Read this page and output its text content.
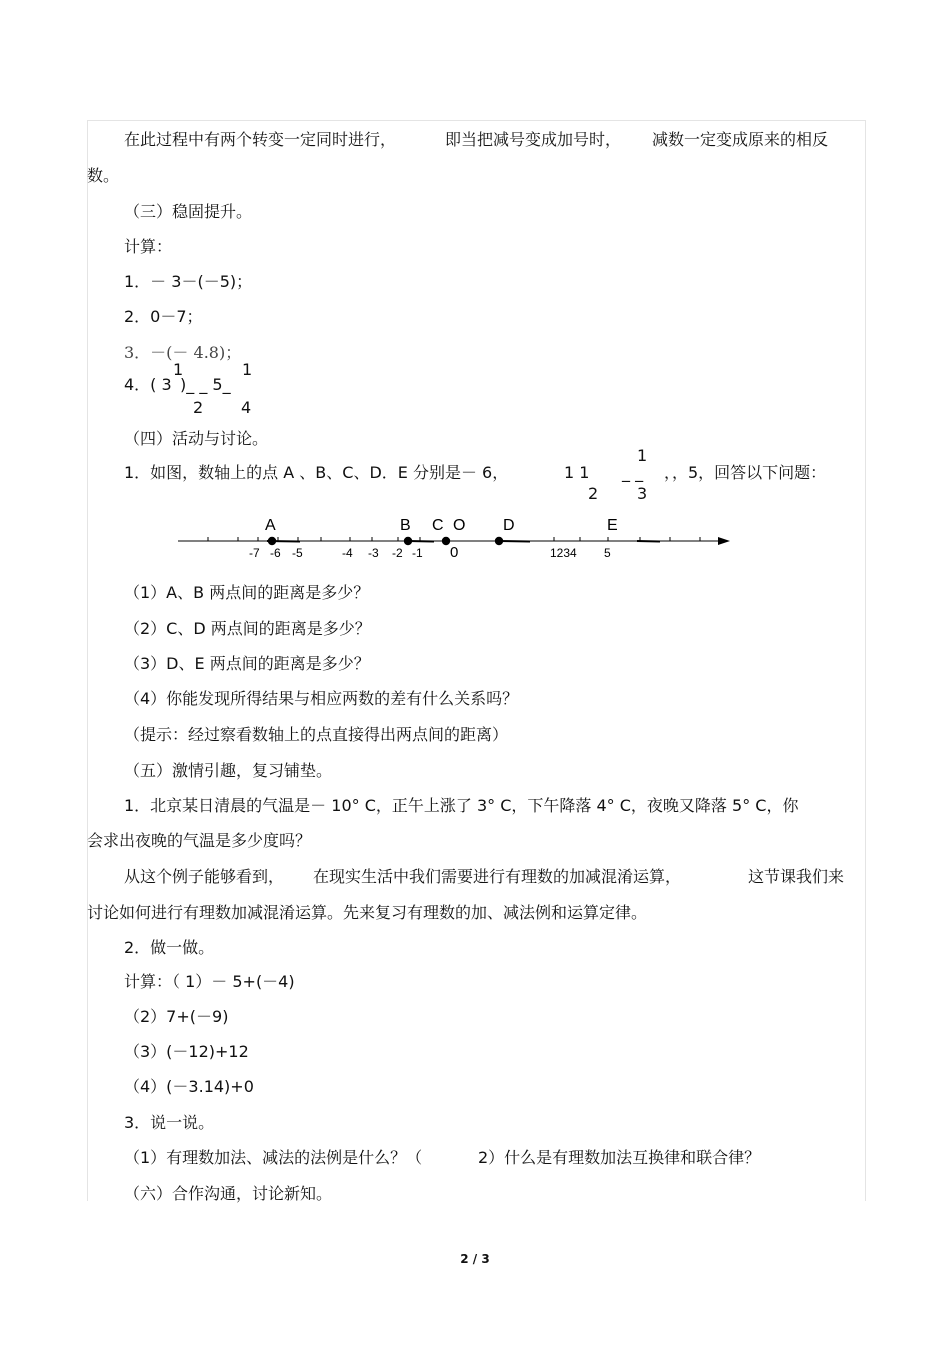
在此过程中有两个转变一定同时进行，	即当把减号变成加号时， 减数一定变成原来的相反
数。
（三）稳固提升。
计算：
1．－ 3－(－5)；
2．0－7；
3．－(－ 4.8)；
1	1
4．( 3 )_ _ 5_
2 4
（四）活动与讨论。
1
1．如图，数轴上的点 A 、B、C、D．E 分别是－ 6，	1 1 _ _ ，，5，回答以下问题：
2 3
A	B C O D	E
-7 -6 -5	-4 -3 -2 -1 0	1234 5
（1）A、B 两点间的距离是多少？
（2）C、D 两点间的距离是多少？
（3）D、E 两点间的距离是多少？
（4）你能发现所得结果与相应两数的差有什么关系吗？
（提示：经过察看数轴上的点直接得出两点间的距离）
（五）激情引趣，复习铺垫。
1．北京某日清晨的气温是－ 10° C，正午上涨了 3° C，下午降落 4° C，夜晚又降落 5° C，你
会求出夜晚的气温是多少度吗？
从这个例子能够看到， 在现实生活中我们需要进行有理数的加减混淆运算，	这节课我们来
讨论如何进行有理数加减混淆运算。先来复习有理数的加、减法例和运算定律。
2．做一做。
计算：（ 1）－ 5+(－4)
（2）7+(－9)
（3）(－12)+12
（4）(－3.14)+0
3．说一说。
（1）有理数加法、减法的法例是什么？（	2）什么是有理数加法互换律和联合律？
（六）合作沟通，讨论新知。
2 / 3
